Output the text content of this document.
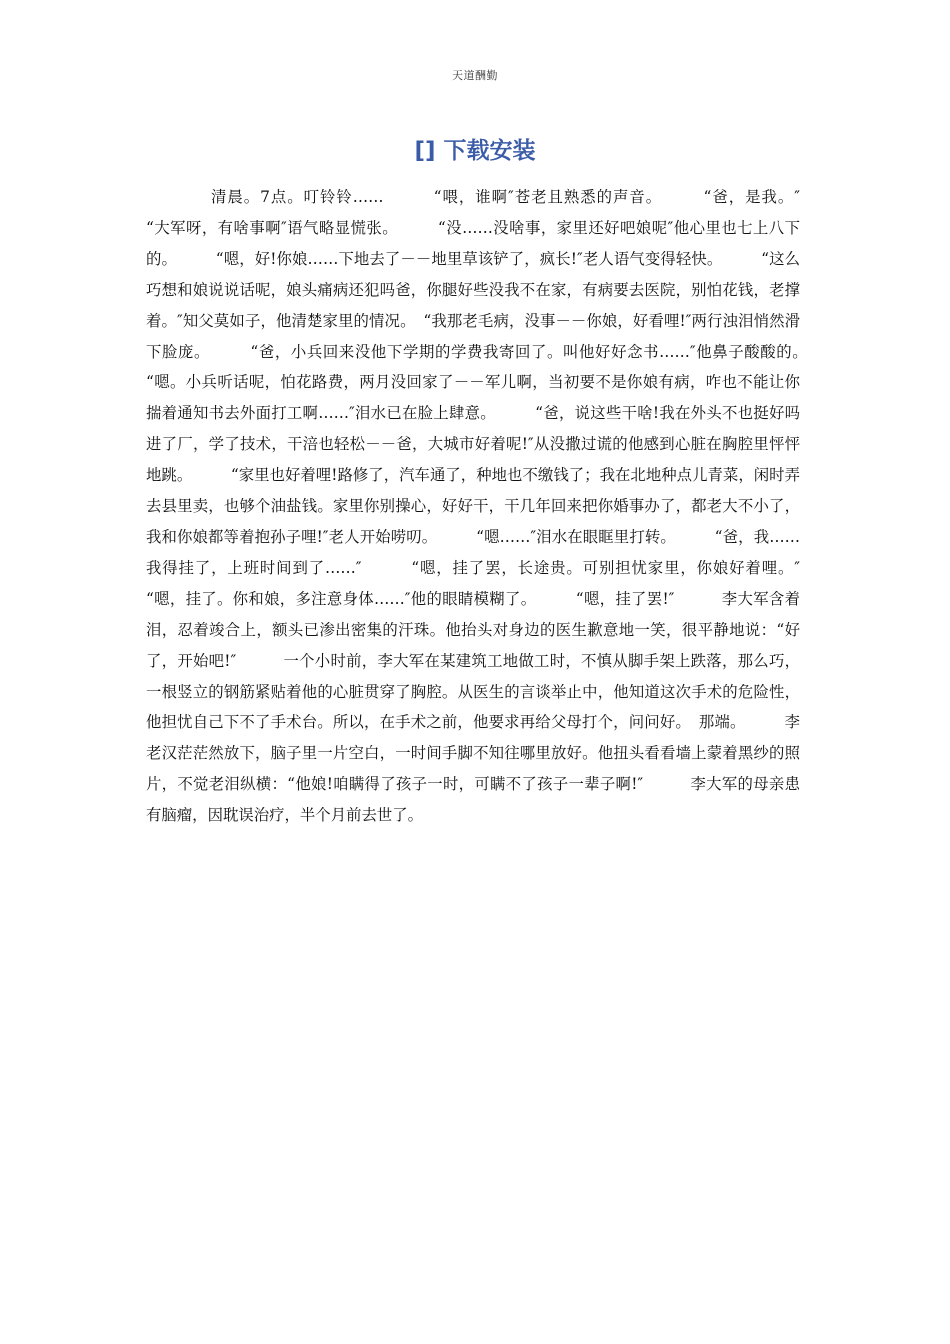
天道酬勤
[] 下载安装

清晨。7点。叮铃铃……　　　“喂，谁啊″苍老且熟悉的声音。　　　“爸，是我。″　　　“大军呀，有啥事啊″语气略显慌张。　　　“没……没啥事，家里还好吧娘呢″他心里也七上八下的。　　　“嗯，好!你娘……下地去了－－地里草该铲了，疯长!″老人语气变得轻快。　　　“这么巧想和娘说说话呢，娘头痛病还犯吗爸，你腿好些没我不在家，有病要去医院，别怕花钱，老撑着。″知父莫如子，他清楚家里的情况。　“我那老毛病，没事－－你娘，好看哩!″两行浊泪悄然滑下脸庞。　　　“爸，小兵回来没他下学期的学费我寄回了。叫他好好念书……″他鼻子酸酸的。　　　“嗯。小兵听话呢，怕花路费，两月没回家了－－军儿啊，当初要不是你娘有病，咋也不能让你揣着通知书去外面打工啊……″泪水已在脸上肆意。　　　“爸，说这些干啥!我在外头不也挺好吗进了厂，学了技术，干涪也轻松－－爸，大城市好着呢!″从没撒过谎的他感到心脏在胸腔里怦怦地跳。　　　“家里也好着哩!路修了，汽车通了，种地也不缴钱了；我在北地种点儿青菜，闲时弄去县里卖，也够个油盐钱。家里你别操心，好好干，干几年回来把你婚事办了，都老大不小了，我和你娘都等着抱孙子哩!″老人开始唠叨。　　　“嗯……″泪水在眼眶里打转。　　　“爸，我……我得挂了，上班时间到了……″　　　“嗯，挂了罢，长途贵。可别担忧家里，你娘好着哩。″　　　“嗯，挂了。你和娘，多注意身体……″他的眼睛模糊了。　　　“嗯，挂了罢!″　　　李大军含着泪，忍着竣合上，额头已渗出密集的汗珠。他抬头对身边的医生歉意地一笑，很平静地说：“好了，开始吧!″　　　一个小时前，李大军在某建筑工地做工时，不慎从脚手架上跌落，那么巧，一根竖立的钢筋紧贴着他的心脏贯穿了胸腔。从医生的言谈举止中，他知道这次手术的危险性，他担忧自己下不了手术台。所以，在手术之前，他要求再给父母打个，问问好。　那端。　　　李老汉茫茫然放下，脑子里一片空白，一时间手脚不知往哪里放好。他扭头看看墙上蒙着黑纱的照片，不觉老泪纵横：“他娘!咱瞒得了孩子一时，可瞒不了孩子一辈子啊!″　　　李大军的母亲患有脑瘤，因耽误治疗，半个月前去世了。
